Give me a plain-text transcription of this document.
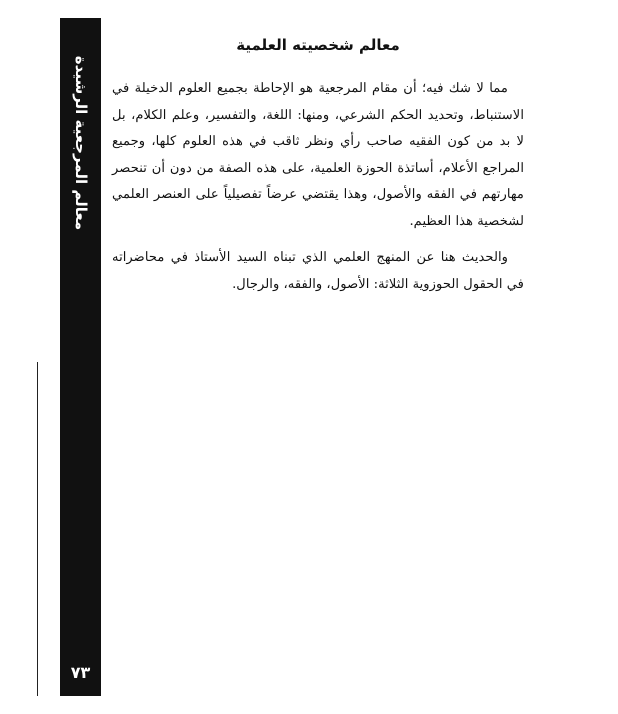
معالم المرجعية الرشيدة
٧٣
معالم شخصيته العلمية

مما لا شك فيه؛ أن مقام المرجعية هو الإحاطة بجميع العلوم الدخيلة في الاستنباط، وتحديد الحكم الشرعي، ومنها: اللغة، والتفسير، وعلم الكلام، بل لا بد من كون الفقيه صاحب رأي ونظر ثاقب في هذه العلوم كلها، وجميع المراجع الأعلام، أساتذة الحوزة العلمية، على هذه الصفة من دون أن تنحصر مهارتهم في الفقه والأصول، وهذا يقتضي عرضاً تفصيلياً على العنصر العلمي لشخصية هذا العظيم.

والحديث هنا عن المنهج العلمي الذي تبناه السيد الأستاذ في محاضراته في الحقول الحوزوية الثلاثة: الأصول، والفقه، والرجال.
